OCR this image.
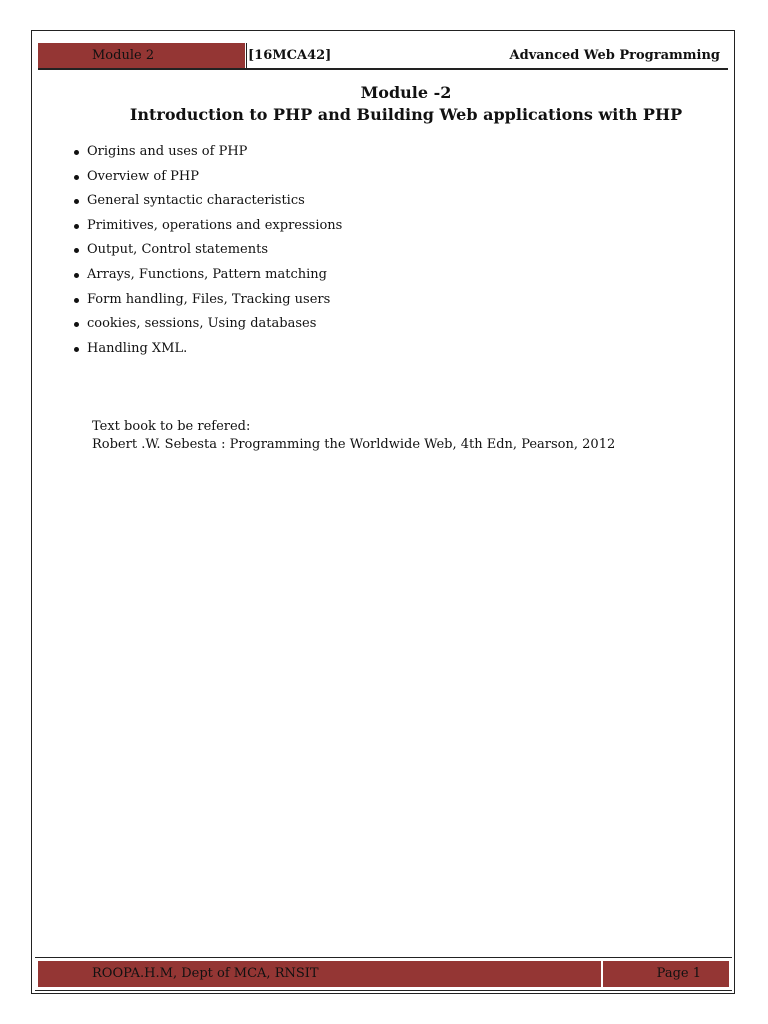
Module 2	[16MCA42]	Advanced Web Programming
Module -2
Introduction to PHP and Building Web applications with PHP
Origins and uses of PHP
Overview of PHP
General syntactic characteristics
Primitives, operations and expressions
Output, Control statements
Arrays, Functions, Pattern matching
Form handling, Files, Tracking users
cookies, sessions, Using databases
Handling XML.
Text book to be refered:
Robert .W. Sebesta : Programming the Worldwide Web, 4th Edn, Pearson, 2012
ROOPA.H.M, Dept of MCA, RNSIT	Page 1
